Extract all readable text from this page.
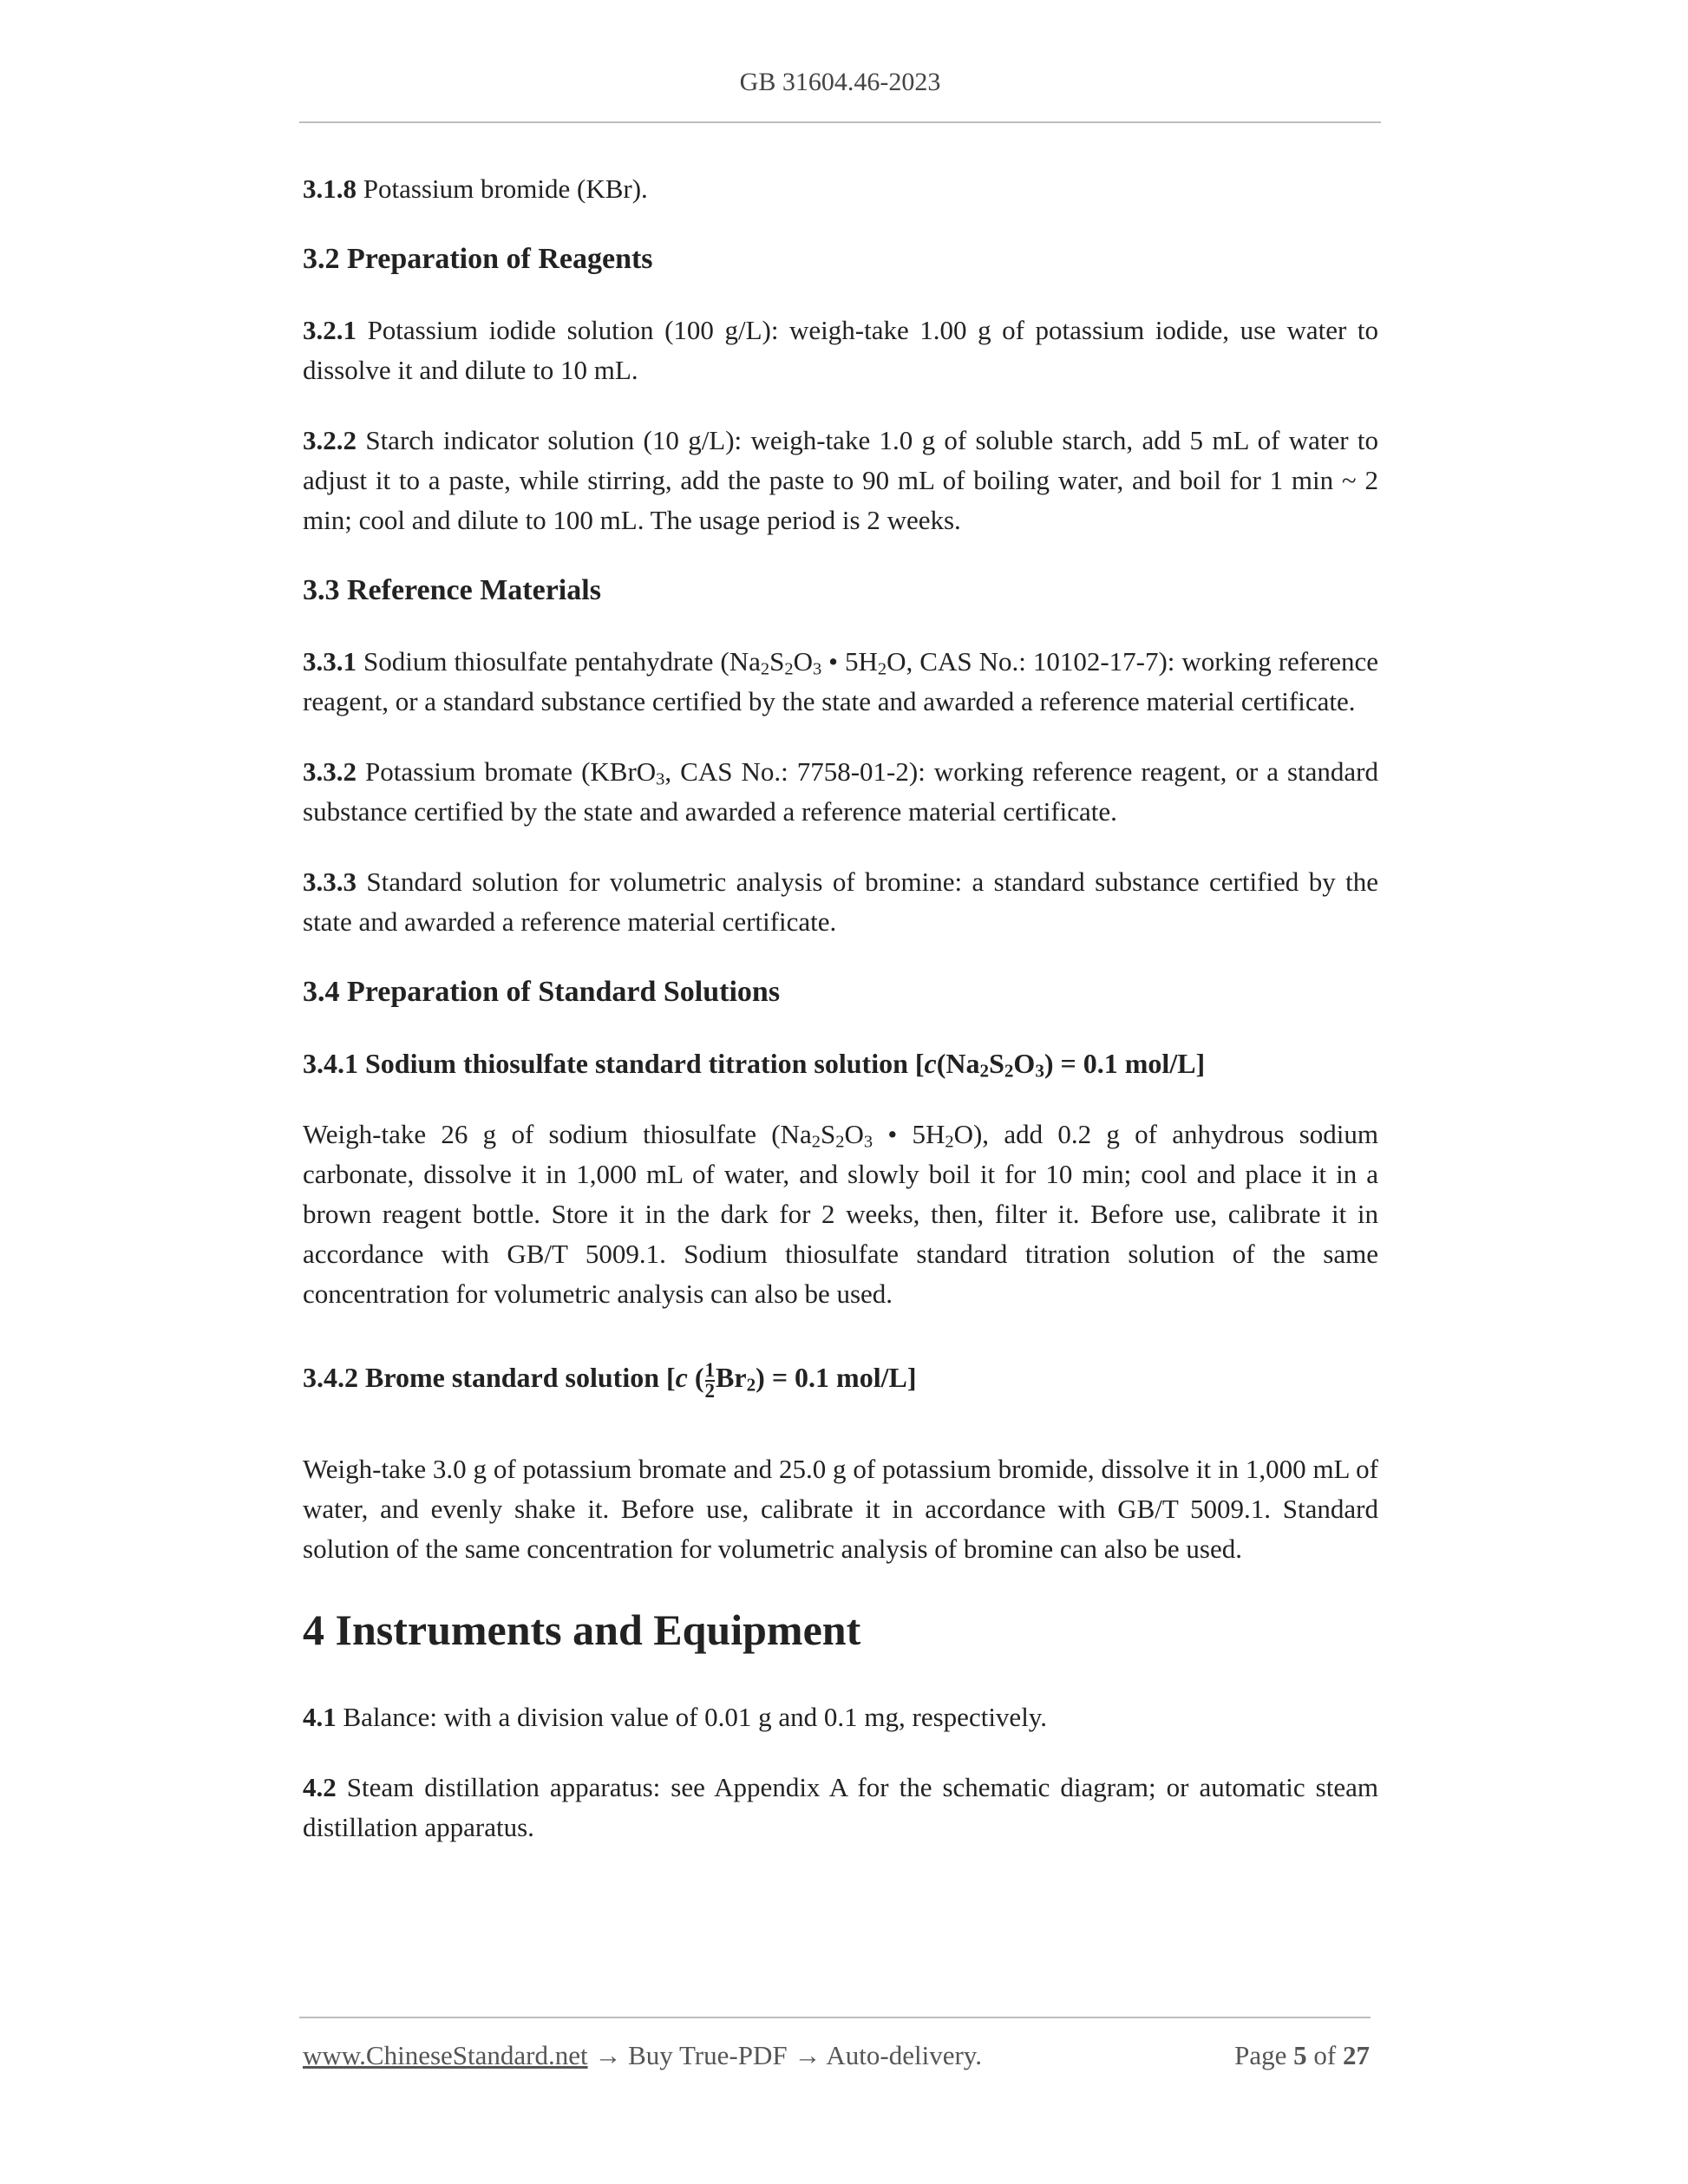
GB 31604.46-2023

3.1.8 Potassium bromide (KBr).

3.2 Preparation of Reagents

3.2.1 Potassium iodide solution (100 g/L): weigh-take 1.00 g of potassium iodide, use water to dissolve it and dilute to 10 mL.

3.2.2 Starch indicator solution (10 g/L): weigh-take 1.0 g of soluble starch, add 5 mL of water to adjust it to a paste, while stirring, add the paste to 90 mL of boiling water, and boil for 1 min ~ 2 min; cool and dilute to 100 mL. The usage period is 2 weeks.

3.3 Reference Materials

3.3.1 Sodium thiosulfate pentahydrate ($Na_2S_2O_3$ • $5H_2O$, CAS No.: 10102-17-7): working reference reagent, or a standard substance certified by the state and awarded a reference material certificate.

3.3.2 Potassium bromate (KBrO$_3$, CAS No.: 7758-01-2): working reference reagent, or a standard substance certified by the state and awarded a reference material certificate.

3.3.3 Standard solution for volumetric analysis of bromine: a standard substance certified by the state and awarded a reference material certificate.

3.4 Preparation of Standard Solutions
3.4.1 Sodium thiosulfate standard titration solution [$c(Na_2S_2O_3) = 0.1$ mol/L]

Weigh-take 26 g of sodium thiosulfate ($Na_2S_2O_3$ • $5H_2O$), add 0.2 g of anhydrous sodium carbonate, dissolve it in 1,000 mL of water, and slowly boil it for 10 min; cool and place it in a brown reagent bottle. Store it in the dark for 2 weeks, then, filter it. Before use, calibrate it in accordance with GB/T 5009.1. Sodium thiosulfate standard titration solution of the same concentration for volumetric analysis can also be used.

3.4.2 Brome standard solution [c ( $\frac{1}{2} Br_2) = 0.1$ mol/L]

Weigh-take 3.0 g of potassium bromate and 25.0 g of potassium bromide, dissolve it in 1,000 mL of water, and evenly shake it. Before use, calibrate it in accordance with GB/T 5009.1. Standard solution of the same concentration for volumetric analysis of bromine can also be used.

4 Instruments and Equipment

4.1 Balance: with a division value of 0.01 g and 0.1 mg, respectively.

4.2 Steam distillation apparatus: see Appendix A for the schematic diagram; or automatic steam distillation apparatus.

www.ChineseStandard.net → Buy True-PDF → Auto-delivery.	Page 5 of 27
